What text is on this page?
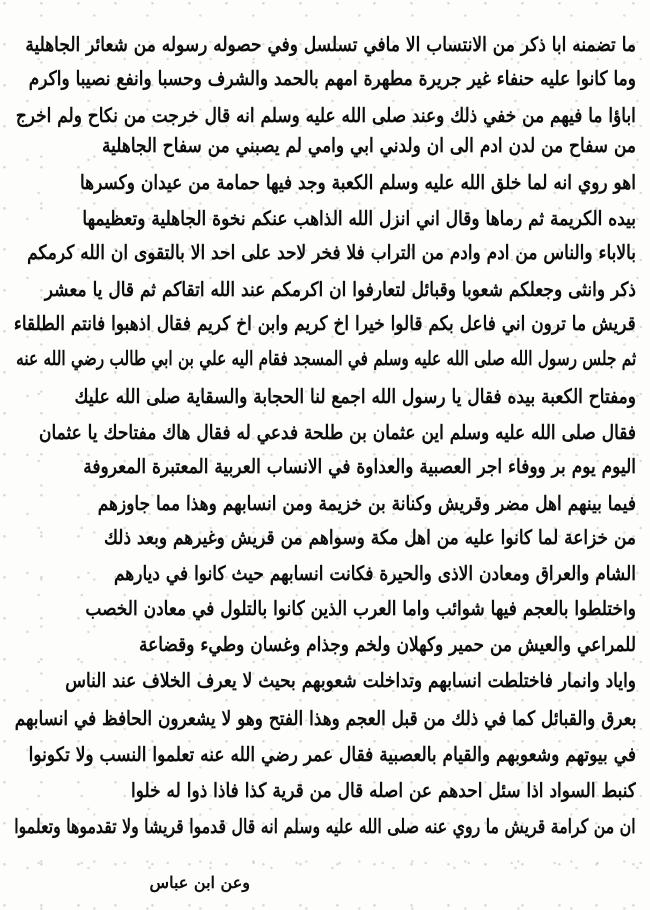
ما تضمنه ابا ذكر من الانتساب الا مافي تسلسل وفي حصوله رسوله من شعائر الجاهلية
وما كانوا عليه حنفاء غير جريرة مطهرة امهم بالحمد والشرف وحسبا وانفع نصيبا واكرم
اباؤا ما فيهم من خفي ذلك وعند صلى الله عليه وسلم انه قال خرجت من نكاح ولم اخرج
من سفاح من لدن ادم الى ان ولدني ابي وامي لم يصبني من سفاح الجاهلية
اهو روي انه لما خلق الله عليه وسلم الكعبة وجد فيها حمامة من عيدان وكسرها
بيده الكريمة ثم رماها وقال اني انزل الله الذاهب عنكم نخوة الجاهلية وتعظيمها
بالاباء والناس من ادم وادم من التراب فلا فخر لاحد على احد الا بالتقوى ان الله كرمكم
ذكر وانثى وجعلكم شعوبا وقبائل لتعارفوا ان اكرمكم عند الله اتقاكم ثم قال يا معشر
قريش ما ترون اني فاعل بكم قالوا خيرا اخ كريم وابن اخ كريم فقال اذهبوا فانتم الطلقاء
ثم جلس رسول الله صلى الله عليه وسلم في المسجد فقام اليه علي بن ابي طالب رضي الله عنه
ومفتاح الكعبة بيده فقال يا رسول الله اجمع لنا الحجابة والسقاية صلى الله عليك
فقال صلى الله عليه وسلم اين عثمان بن طلحة فدعي له فقال هاك مفتاحك يا عثمان
اليوم يوم بر ووفاء اجر العصبية والعداوة في الانساب العربية المعتبرة المعروفة
فيما بينهم اهل مضر وقريش وكنانة بن خزيمة ومن انسابهم وهذا مما جاوزهم
من خزاعة لما كانوا عليه من اهل مكة وسواهم من قريش وغيرهم وبعد ذلك
الشام والعراق ومعادن الاذى والحيرة فكانت انسابهم حيث كانوا في ديارهم
واختلطوا بالعجم فيها شوائب واما العرب الذين كانوا بالتلول في معادن الخصب
للمراعي والعيش من حمير وكهلان ولخم وجذام وغسان وطيء وقضاعة
واياد وانمار فاختلطت انسابهم وتداخلت شعوبهم بحيث لا يعرف الخلاف عند الناس
بعرق والقبائل كما في ذلك من قبل العجم وهذا الفتح وهو لا يشعرون الحافظ في انسابهم
في بيوتهم وشعوبهم والقيام بالعصبية فقال عمر رضي الله عنه تعلموا النسب ولا تكونوا
كنبط السواد اذا سئل احدهم عن اصله قال من قرية كذا فاذا ذوا له خلوا
ان من كرامة قريش ما روي عنه صلى الله عليه وسلم انه قال قدموا قريشا ولا تقدموها وتعلموا
وعن ابن عباس
